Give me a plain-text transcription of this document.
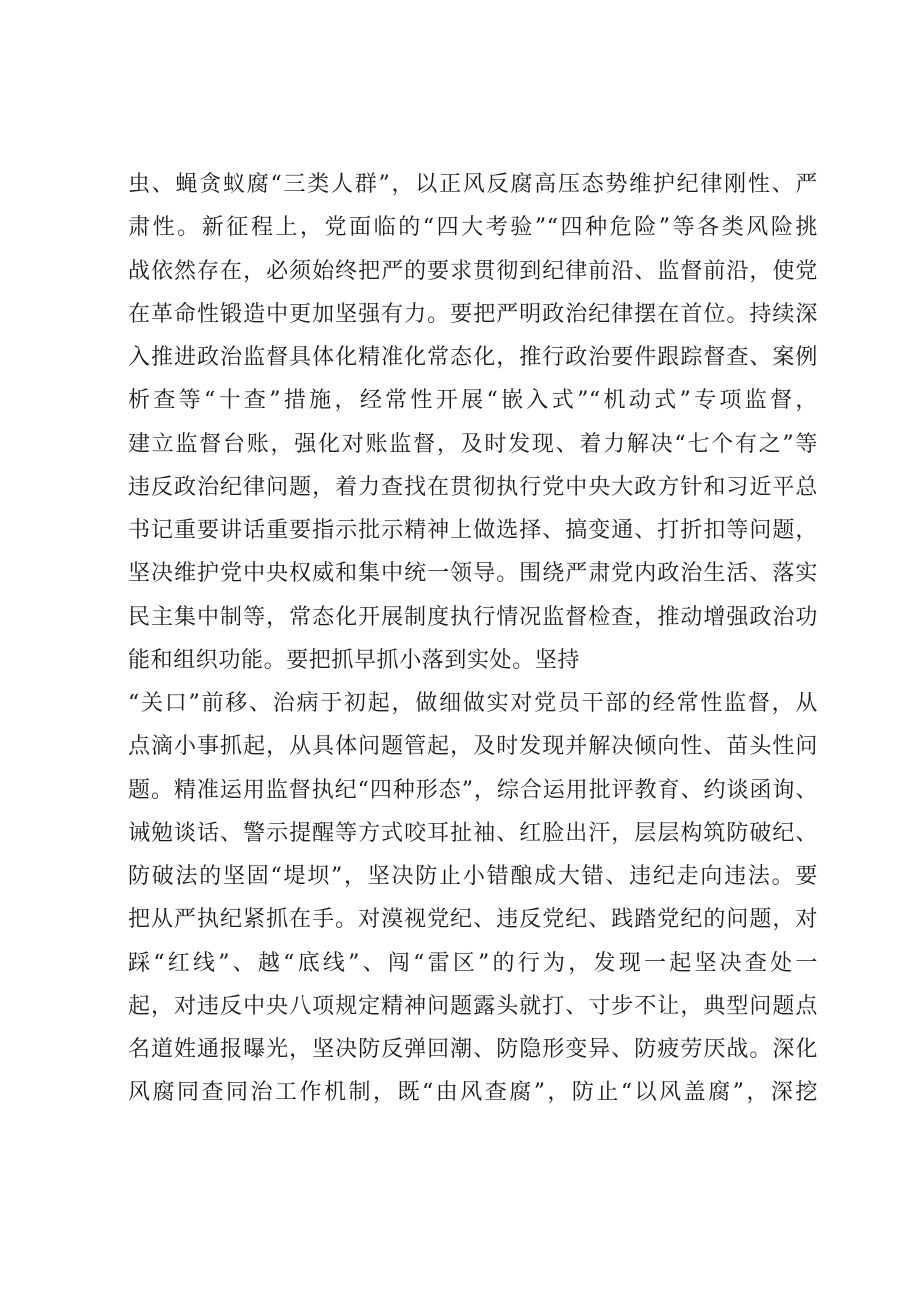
虫、蝇贪蚁腐“三类人群”，以正风反腐高压态势维护纪律刚性、严
肃性。新征程上，党面临的“四大考验”“四种危险”等各类风险挑
战依然存在，必须始终把严的要求贯彻到纪律前沿、监督前沿，使党
在革命性锻造中更加坚强有力。要把严明政治纪律摆在首位。持续深
入推进政治监督具体化精准化常态化，推行政治要件跟踪督查、案例
析查等“十查”措施，经常性开展“嵌入式”“机动式”专项监督，
建立监督台账，强化对账监督，及时发现、着力解决“七个有之”等
违反政治纪律问题，着力查找在贯彻执行党中央大政方针和习近平总
书记重要讲话重要指示批示精神上做选择、搞变通、打折扣等问题，
坚决维护党中央权威和集中统一领导。围绕严肃党内政治生活、落实
民主集中制等，常态化开展制度执行情况监督检查，推动增强政治功
能和组织功能。要把抓早抓小落到实处。坚持
“关口”前移、治病于初起，做细做实对党员干部的经常性监督，从
点滴小事抓起，从具体问题管起，及时发现并解决倾向性、苗头性问
题。精准运用监督执纪“四种形态”，综合运用批评教育、约谈函询、
诫勉谈话、警示提醒等方式咬耳扯袖、红脸出汗，层层构筑防破纪、
防破法的坚固“堤坝”，坚决防止小错酿成大错、违纪走向违法。要
把从严执纪紧抓在手。对漠视党纪、违反党纪、践踏党纪的问题，对
踩“红线”、越“底线”、闯“雷区”的行为，发现一起坚决查处一
起，对违反中央八项规定精神问题露头就打、寸步不让，典型问题点
名道姓通报曝光，坚决防反弹回潮、防隐形变异、防疲劳厌战。深化
风腐同查同治工作机制，既“由风查腐”，防止“以风盖腐”，深挖
